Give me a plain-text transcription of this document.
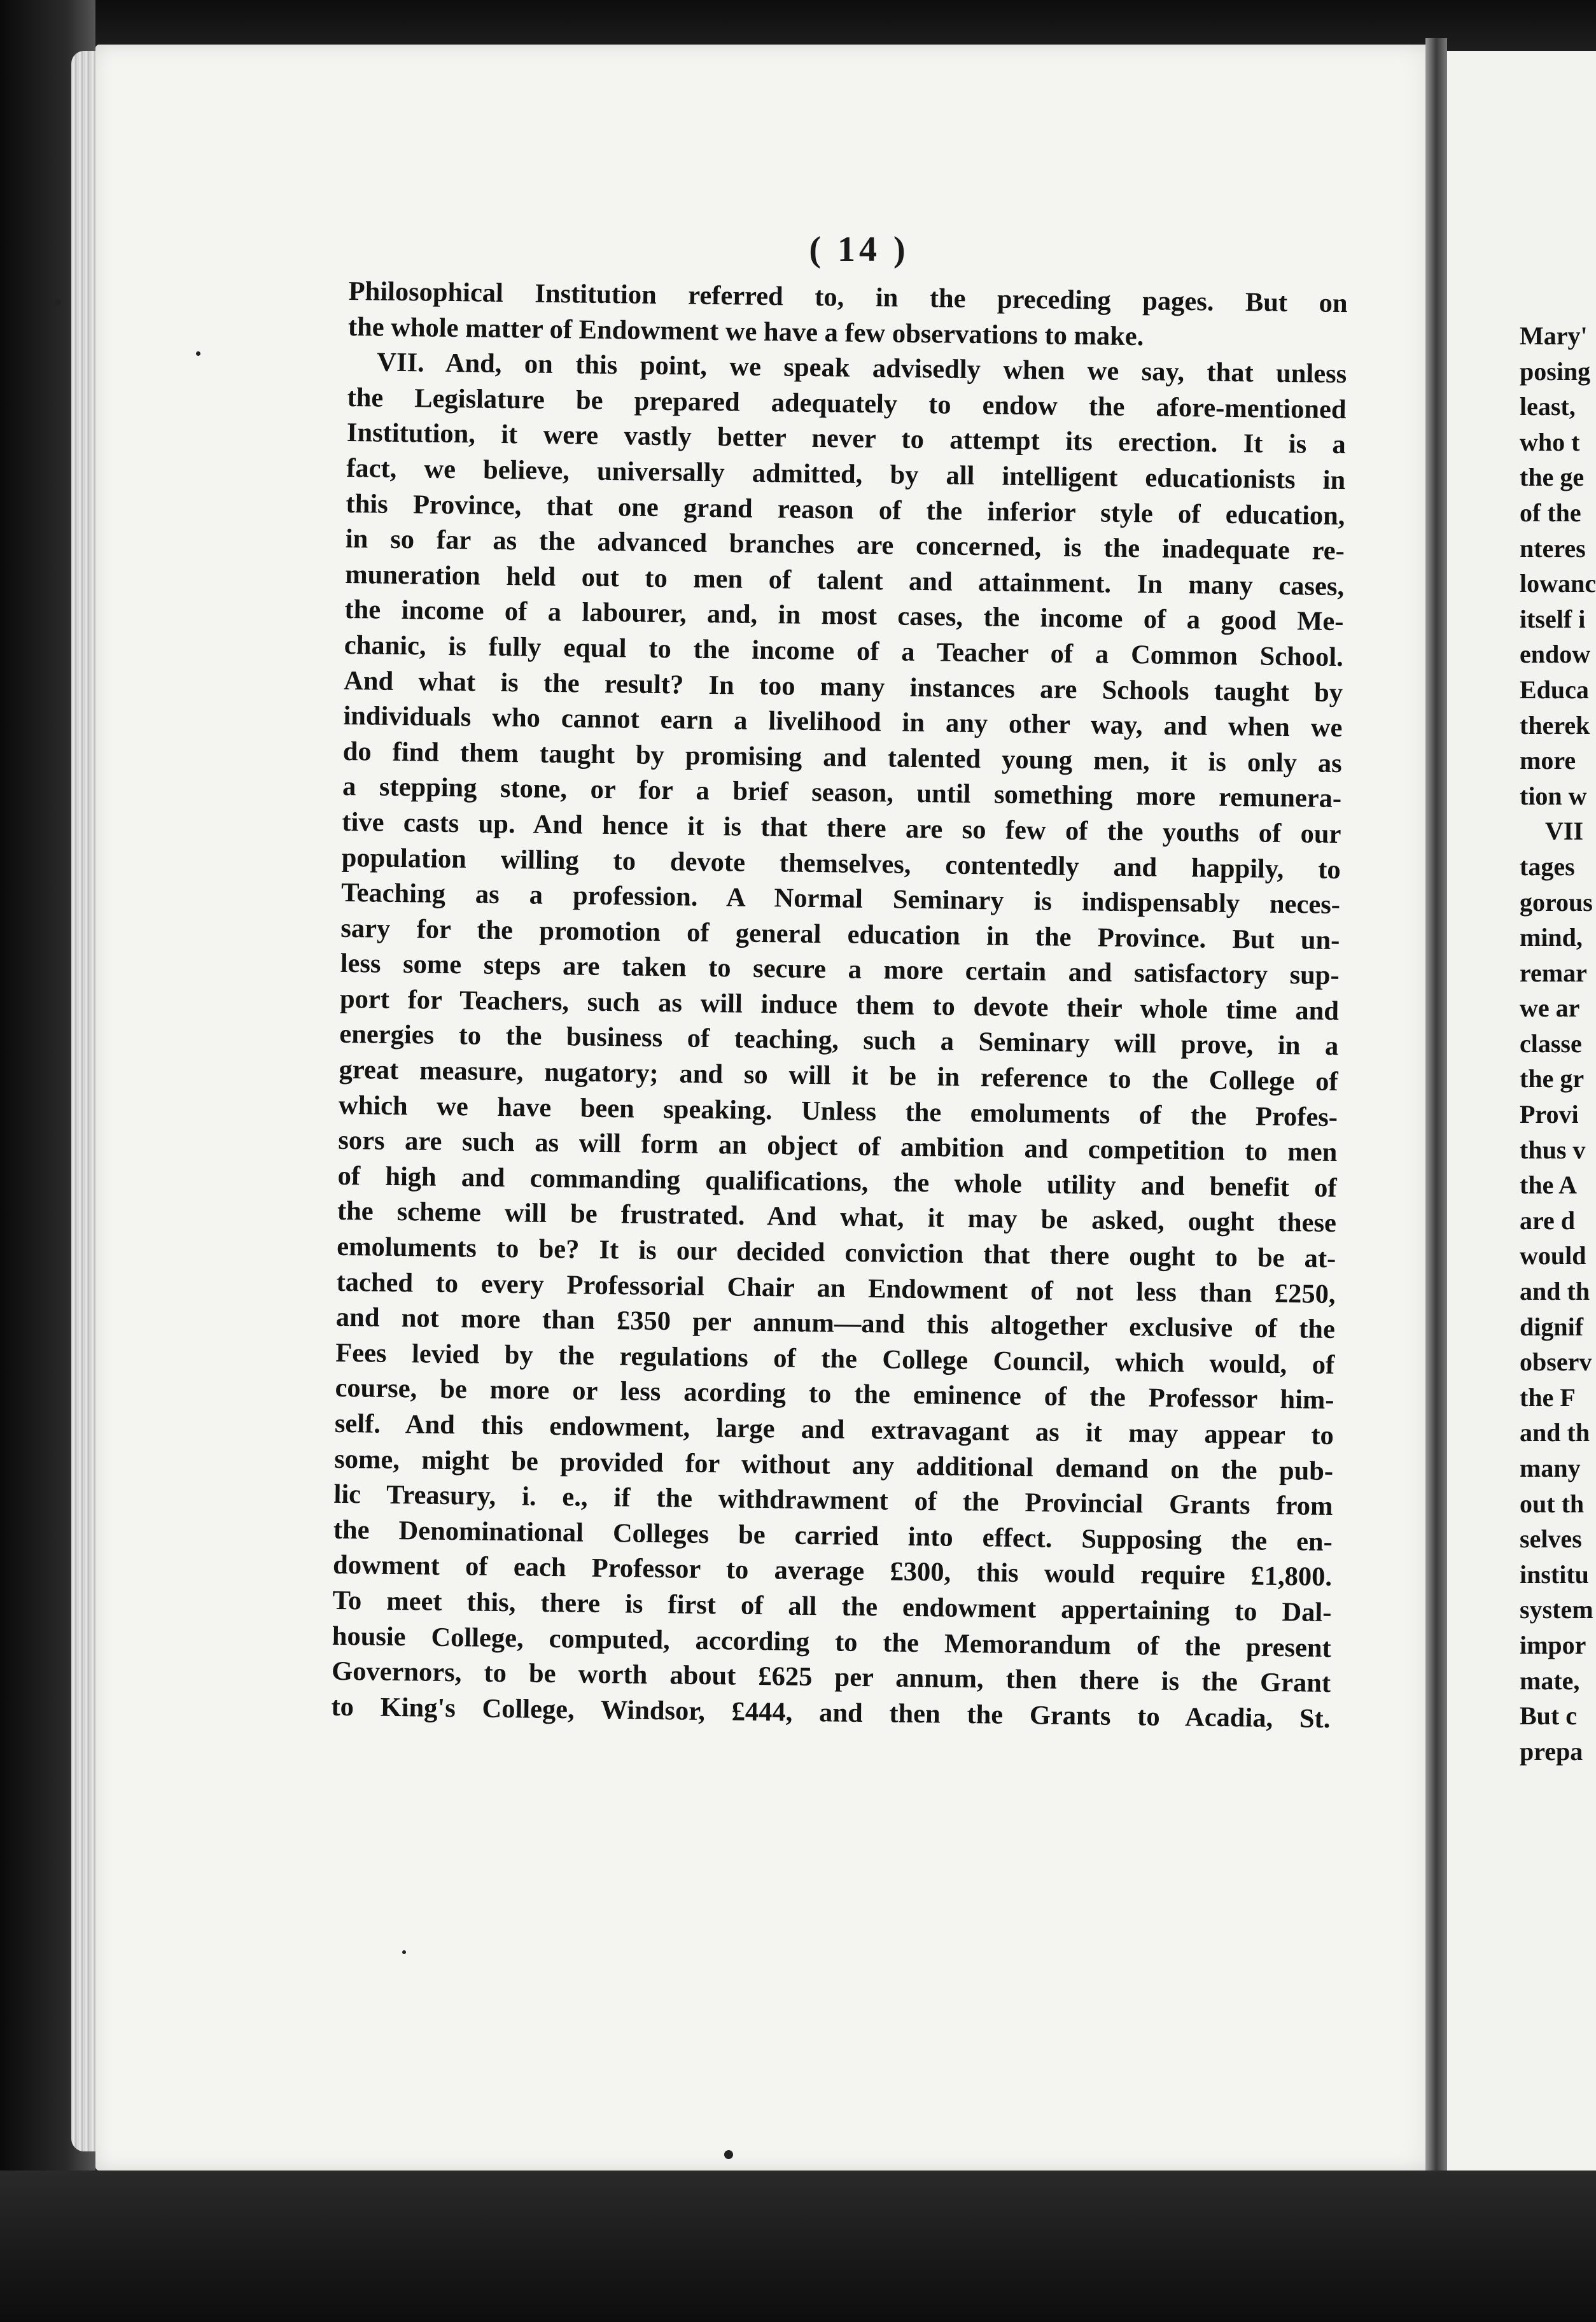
( 14 )
Philosophical Institution referred to, in the preceding pages. But on
the whole matter of Endowment we have a few observations to make.
VII. And, on this point, we speak advisedly when we say, that unless
the Legislature be prepared adequately to endow the afore-mentioned
Institution, it were vastly better never to attempt its erection. It is a
fact, we believe, universally admitted, by all intelligent educationists in
this Province, that one grand reason of the inferior style of education,
in so far as the advanced branches are concerned, is the inadequate re-
muneration held out to men of talent and attainment. In many cases,
the income of a labourer, and, in most cases, the income of a good Me-
chanic, is fully equal to the income of a Teacher of a Common School.
And what is the result? In too many instances are Schools taught by
individuals who cannot earn a livelihood in any other way, and when we
do find them taught by promising and talented young men, it is only as
a stepping stone, or for a brief season, until something more remunera-
tive casts up. And hence it is that there are so few of the youths of our
population willing to devote themselves, contentedly and happily, to
Teaching as a profession. A Normal Seminary is indispensably neces-
sary for the promotion of general education in the Province. But un-
less some steps are taken to secure a more certain and satisfactory sup-
port for Teachers, such as will induce them to devote their whole time and
energies to the business of teaching, such a Seminary will prove, in a
great measure, nugatory; and so will it be in reference to the College of
which we have been speaking. Unless the emoluments of the Profes-
sors are such as will form an object of ambition and competition to men
of high and commanding qualifications, the whole utility and benefit of
the scheme will be frustrated. And what, it may be asked, ought these
emoluments to be? It is our decided conviction that there ought to be at-
tached to every Professorial Chair an Endowment of not less than £250,
and not more than £350 per annum—and this altogether exclusive of the
Fees levied by the regulations of the College Council, which would, of
course, be more or less acording to the eminence of the Professor him-
self. And this endowment, large and extravagant as it may appear to
some, might be provided for without any additional demand on the pub-
lic Treasury, i. e., if the withdrawment of the Provincial Grants from
the Denominational Colleges be carried into effect. Supposing the en-
dowment of each Professor to average £300, this would require £1,800.
To meet this, there is first of all the endowment appertaining to Dal-
housie College, computed, according to the Memorandum of the present
Governors, to be worth about £625 per annum, then there is the Grant
to King's College, Windsor, £444, and then the Grants to Acadia, St.
Mary'
posing
least,
who t
the ge
of the
nteres
lowanc
itself i
endow
Educa
therek
more
tion w
VII
tages
gorous
mind,
remar
we ar
classe
the gr
Provi
thus v
the A
are d
would
and th
dignif
observ
the F
and th
many
out th
selves
institu
system
impor
mate,
But c
prepa
